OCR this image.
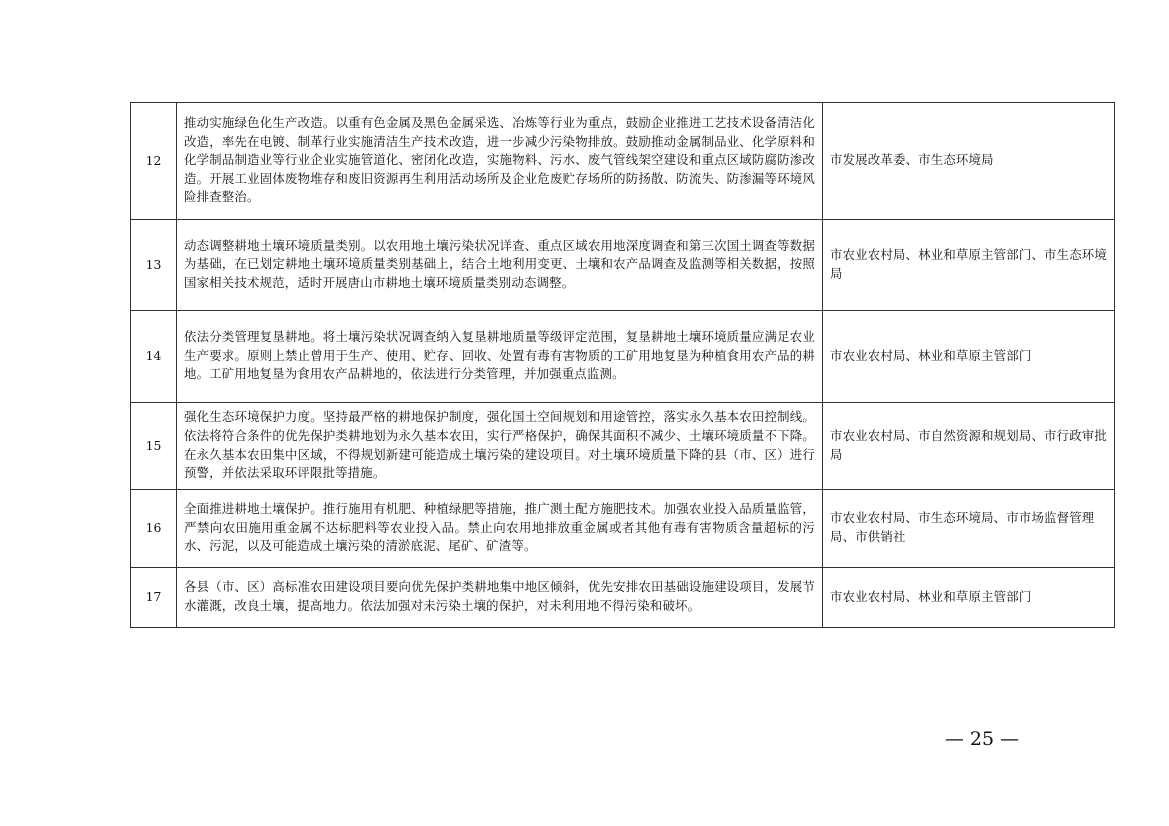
12	推动实施绿色化生产改造。以重有色金属及黑色金属采选、冶炼等行业为重点，鼓励企业推进工艺技术设备清洁化改造，率先在电镀、制革行业实施清洁生产技术改造，进一步减少污染物排放。鼓励推动金属制品业、化学原料和化学制品制造业等行业企业实施管道化、密闭化改造，实施物料、污水、废气管线架空建设和重点区域防腐防渗改造。开展工业固体废物堆存和废旧资源再生利用活动场所及企业危废贮存场所的防扬散、防流失、防渗漏等环境风险排查整治。	市发展改革委、市生态环境局
13	动态调整耕地土壤环境质量类别。以农用地土壤污染状况详查、重点区域农用地深度调查和第三次国土调查等数据为基础，在已划定耕地土壤环境质量类别基础上，结合土地利用变更、土壤和农产品调查及监测等相关数据，按照国家相关技术规范，适时开展唐山市耕地土壤环境质量类别动态调整。	市农业农村局、林业和草原主管部门、市生态环境局
14	依法分类管理复垦耕地。将土壤污染状况调查纳入复垦耕地质量等级评定范围，复垦耕地土壤环境质量应满足农业生产要求。原则上禁止曾用于生产、使用、贮存、回收、处置有毒有害物质的工矿用地复垦为种植食用农产品的耕地。工矿用地复垦为食用农产品耕地的，依法进行分类管理，并加强重点监测。	市农业农村局、林业和草原主管部门
15	强化生态环境保护力度。坚持最严格的耕地保护制度，强化国土空间规划和用途管控，落实永久基本农田控制线。依法将符合条件的优先保护类耕地划为永久基本农田，实行严格保护，确保其面积不减少、土壤环境质量不下降。在永久基本农田集中区域，不得规划新建可能造成土壤污染的建设项目。对土壤环境质量下降的县（市、区）进行预警，并依法采取环评限批等措施。	市农业农村局、市自然资源和规划局、市行政审批局
16	全面推进耕地土壤保护。推行施用有机肥、种植绿肥等措施，推广测土配方施肥技术。加强农业投入品质量监管，严禁向农田施用重金属不达标肥料等农业投入品。禁止向农用地排放重金属或者其他有毒有害物质含量超标的污水、污泥，以及可能造成土壤污染的清淤底泥、尾矿、矿渣等。	市农业农村局、市生态环境局、市市场监督管理局、市供销社
17	各县（市、区）高标准农田建设项目要向优先保护类耕地集中地区倾斜，优先安排农田基础设施建设项目，发展节水灌溉，改良土壤，提高地力。依法加强对未污染土壤的保护，对未利用地不得污染和破坏。	市农业农村局、林业和草原主管部门
— 25 —
